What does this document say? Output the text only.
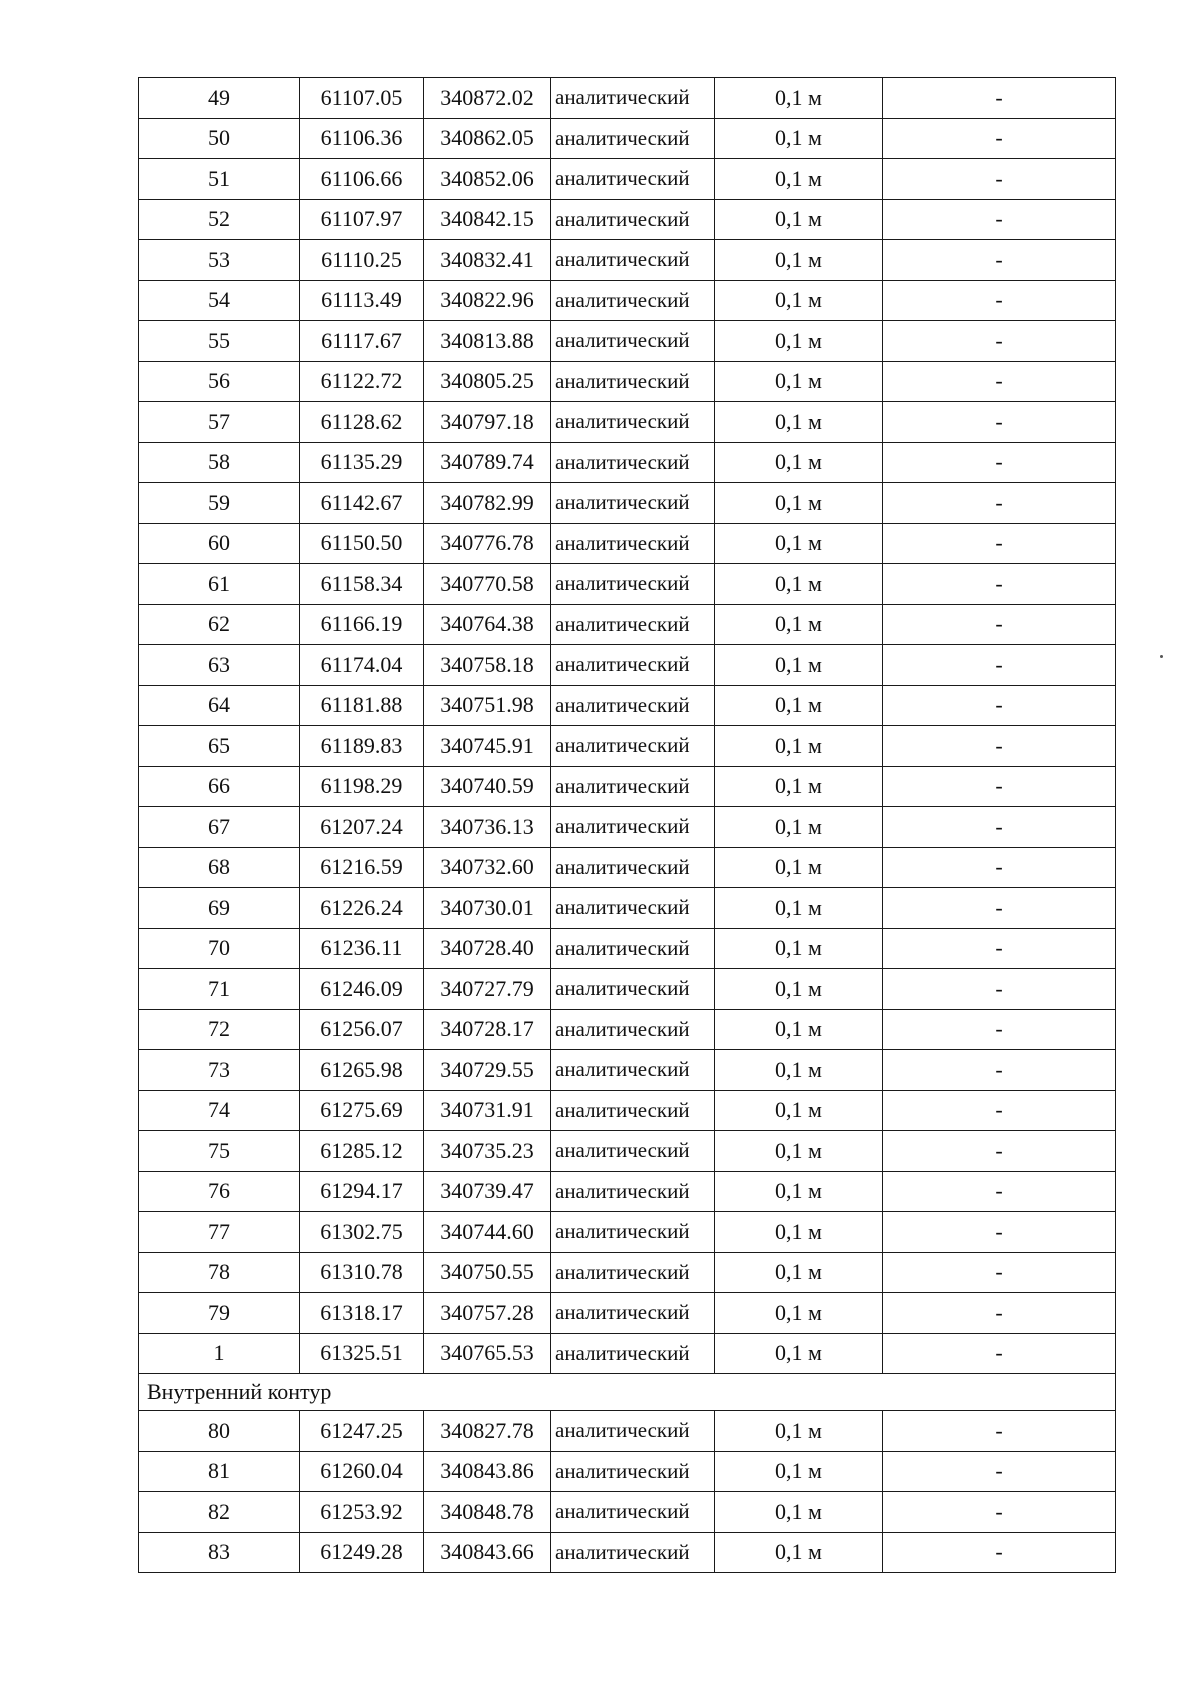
49	61107.05	340872.02	аналитический	0,1 м	-
50	61106.36	340862.05	аналитический	0,1 м	-
51	61106.66	340852.06	аналитический	0,1 м	-
52	61107.97	340842.15	аналитический	0,1 м	-
53	61110.25	340832.41	аналитический	0,1 м	-
54	61113.49	340822.96	аналитический	0,1 м	-
55	61117.67	340813.88	аналитический	0,1 м	-
56	61122.72	340805.25	аналитический	0,1 м	-
57	61128.62	340797.18	аналитический	0,1 м	-
58	61135.29	340789.74	аналитический	0,1 м	-
59	61142.67	340782.99	аналитический	0,1 м	-
60	61150.50	340776.78	аналитический	0,1 м	-
61	61158.34	340770.58	аналитический	0,1 м	-
62	61166.19	340764.38	аналитический	0,1 м	-
63	61174.04	340758.18	аналитический	0,1 м	-
64	61181.88	340751.98	аналитический	0,1 м	-
65	61189.83	340745.91	аналитический	0,1 м	-
66	61198.29	340740.59	аналитический	0,1 м	-
67	61207.24	340736.13	аналитический	0,1 м	-
68	61216.59	340732.60	аналитический	0,1 м	-
69	61226.24	340730.01	аналитический	0,1 м	-
70	61236.11	340728.40	аналитический	0,1 м	-
71	61246.09	340727.79	аналитический	0,1 м	-
72	61256.07	340728.17	аналитический	0,1 м	-
73	61265.98	340729.55	аналитический	0,1 м	-
74	61275.69	340731.91	аналитический	0,1 м	-
75	61285.12	340735.23	аналитический	0,1 м	-
76	61294.17	340739.47	аналитический	0,1 м	-
77	61302.75	340744.60	аналитический	0,1 м	-
78	61310.78	340750.55	аналитический	0,1 м	-
79	61318.17	340757.28	аналитический	0,1 м	-
1	61325.51	340765.53	аналитический	0,1 м	-
Внутренний контур					
80	61247.25	340827.78	аналитический	0,1 м	-
81	61260.04	340843.86	аналитический	0,1 м	-
82	61253.92	340848.78	аналитический	0,1 м	-
83	61249.28	340843.66	аналитический	0,1 м	-
